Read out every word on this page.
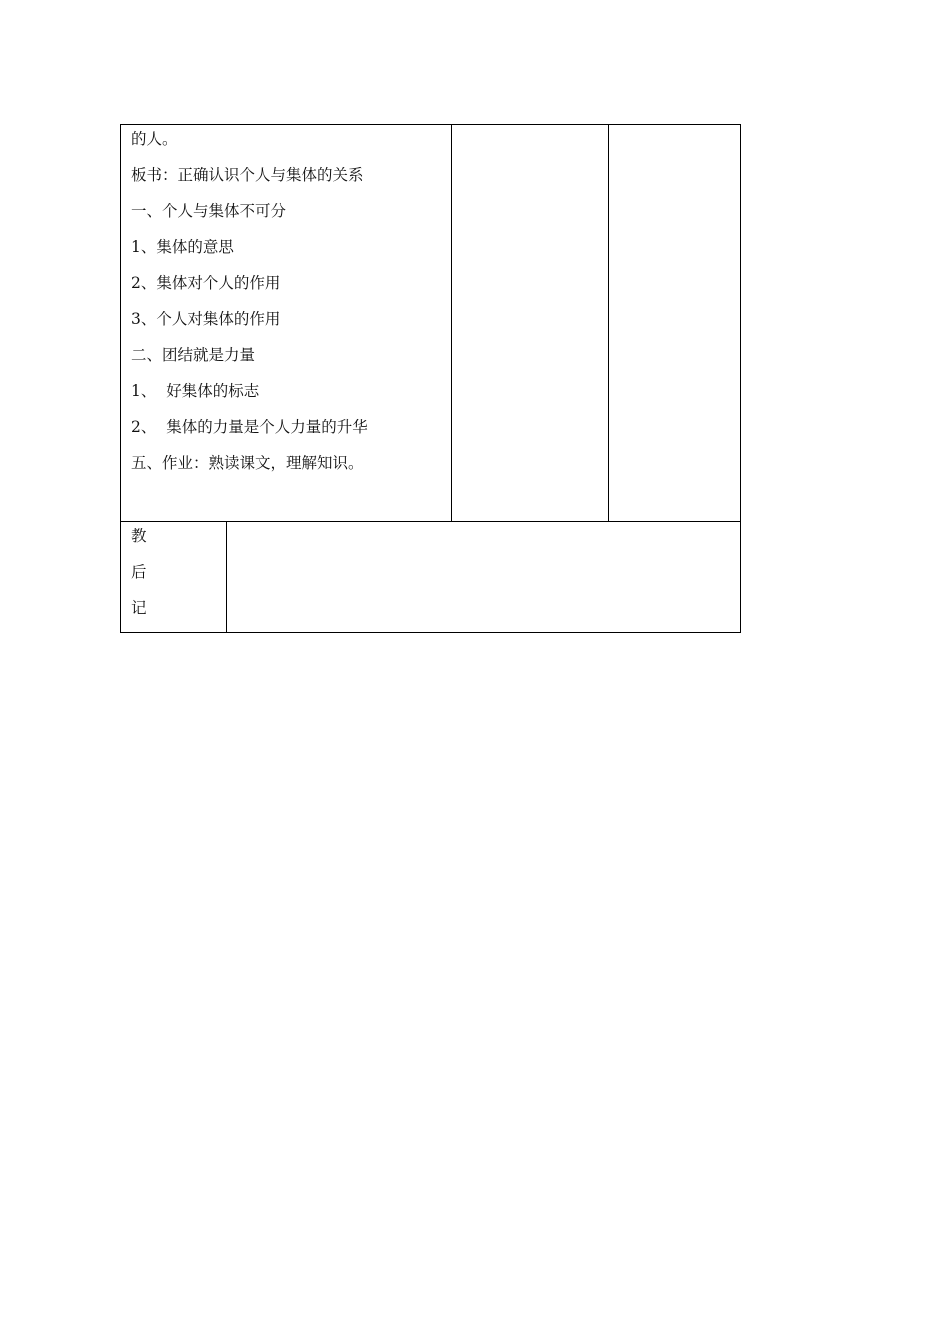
的人。
板书：正确认识个人与集体的关系
一、个人与集体不可分
1、集体的意思
2、集体对个人的作用
3、个人对集体的作用
二、团结就是力量
1、  好集体的标志
2、  集体的力量是个人力量的升华
五、作业：熟读课文，理解知识。
教
后
记
